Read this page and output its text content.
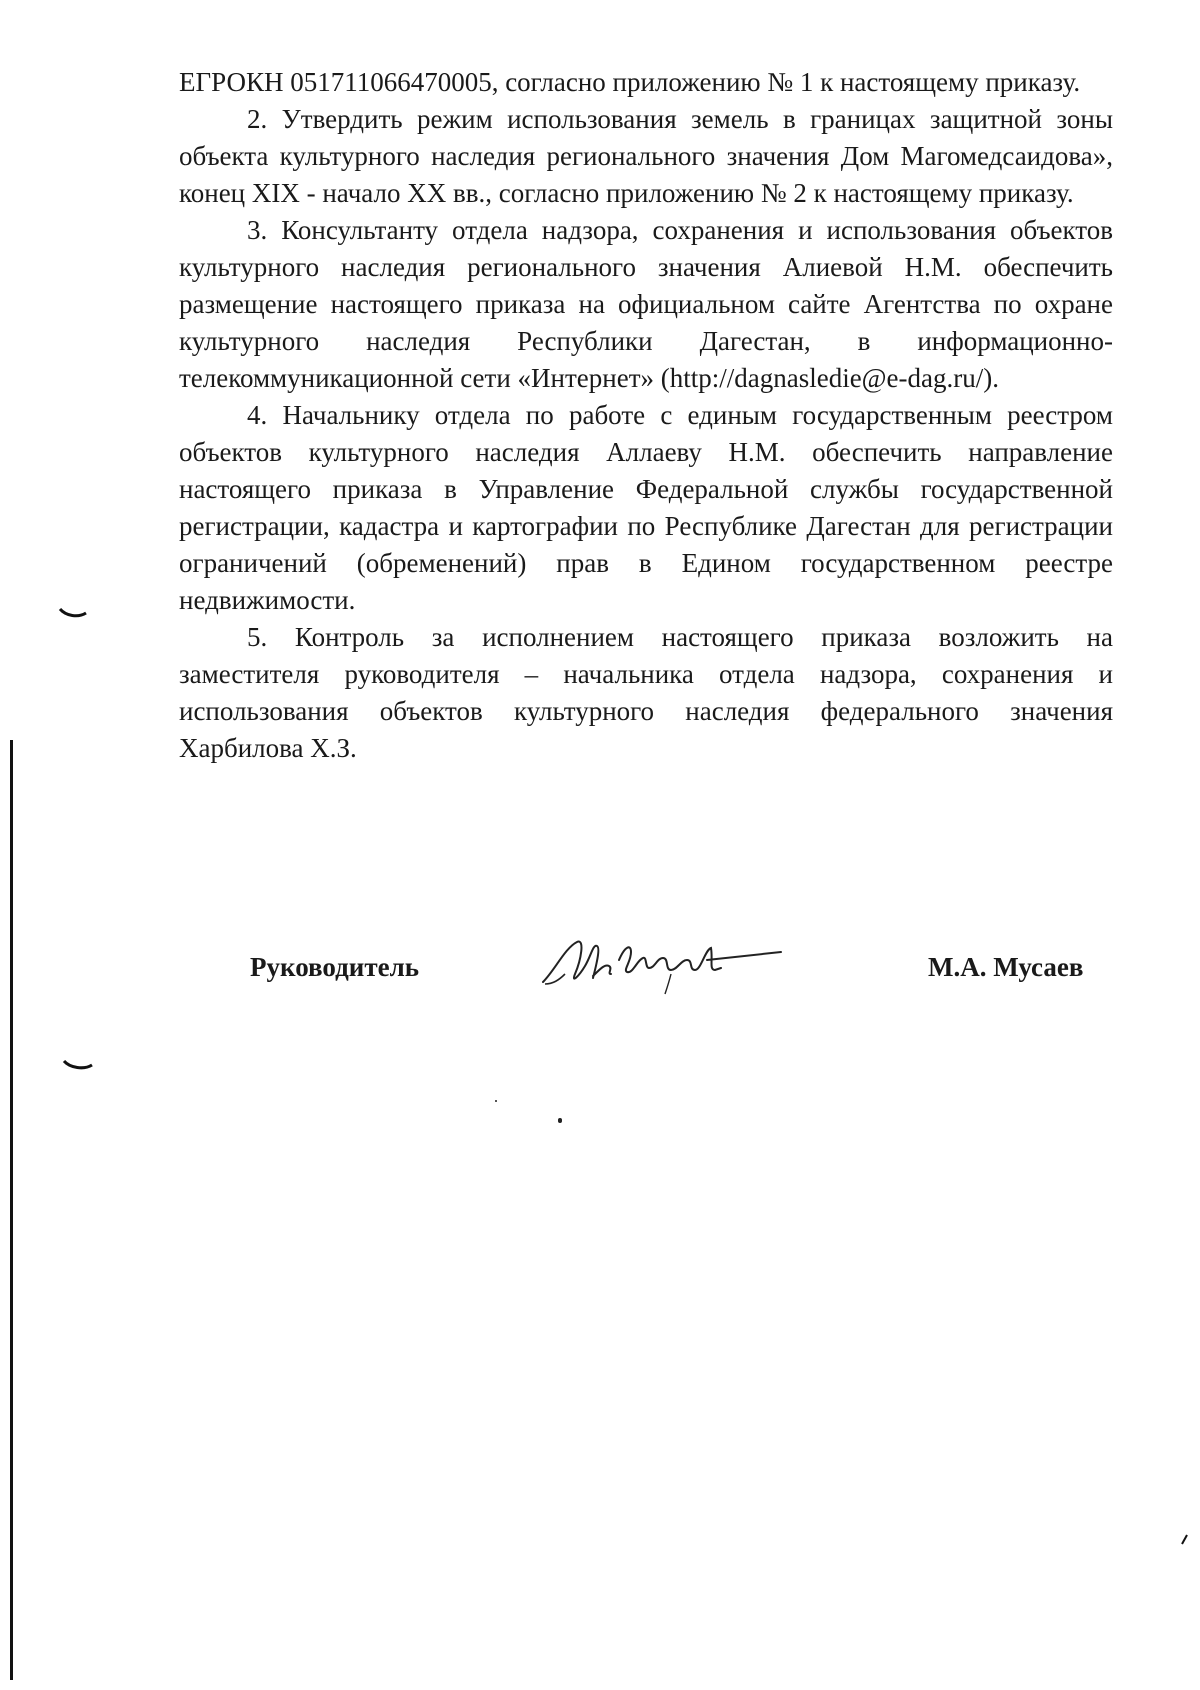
ЕГРОКН 051711066470005, согласно приложению № 1 к настоящему приказу.

2. Утвердить режим использования земель в границах защитной зоны объекта культурного наследия регионального значения Дом Магомедсаидова», конец XIX - начало XX вв., согласно приложению № 2 к настоящему приказу.

3. Консультанту отдела надзора, сохранения и использования объектов культурного наследия регионального значения Алиевой Н.М. обеспечить размещение настоящего приказа на официальном сайте Агентства по охране культурного наследия Республики Дагестан, в информационно-телекоммуникационной сети «Интернет» (http://dagnasledie@e-dag.ru/).

4. Начальнику отдела по работе с единым государственным реестром объектов культурного наследия Аллаеву Н.М. обеспечить направление настоящего приказа в Управление Федеральной службы государственной регистрации, кадастра и картографии по Республике Дагестан для регистрации ограничений (обременений) прав в Едином государственном реестре недвижимости.

5. Контроль за исполнением настоящего приказа возложить на заместителя руководителя – начальника отдела надзора, сохранения и использования объектов культурного наследия федерального значения Харбилова Х.З.

Руководитель	М.А. Мусаев
